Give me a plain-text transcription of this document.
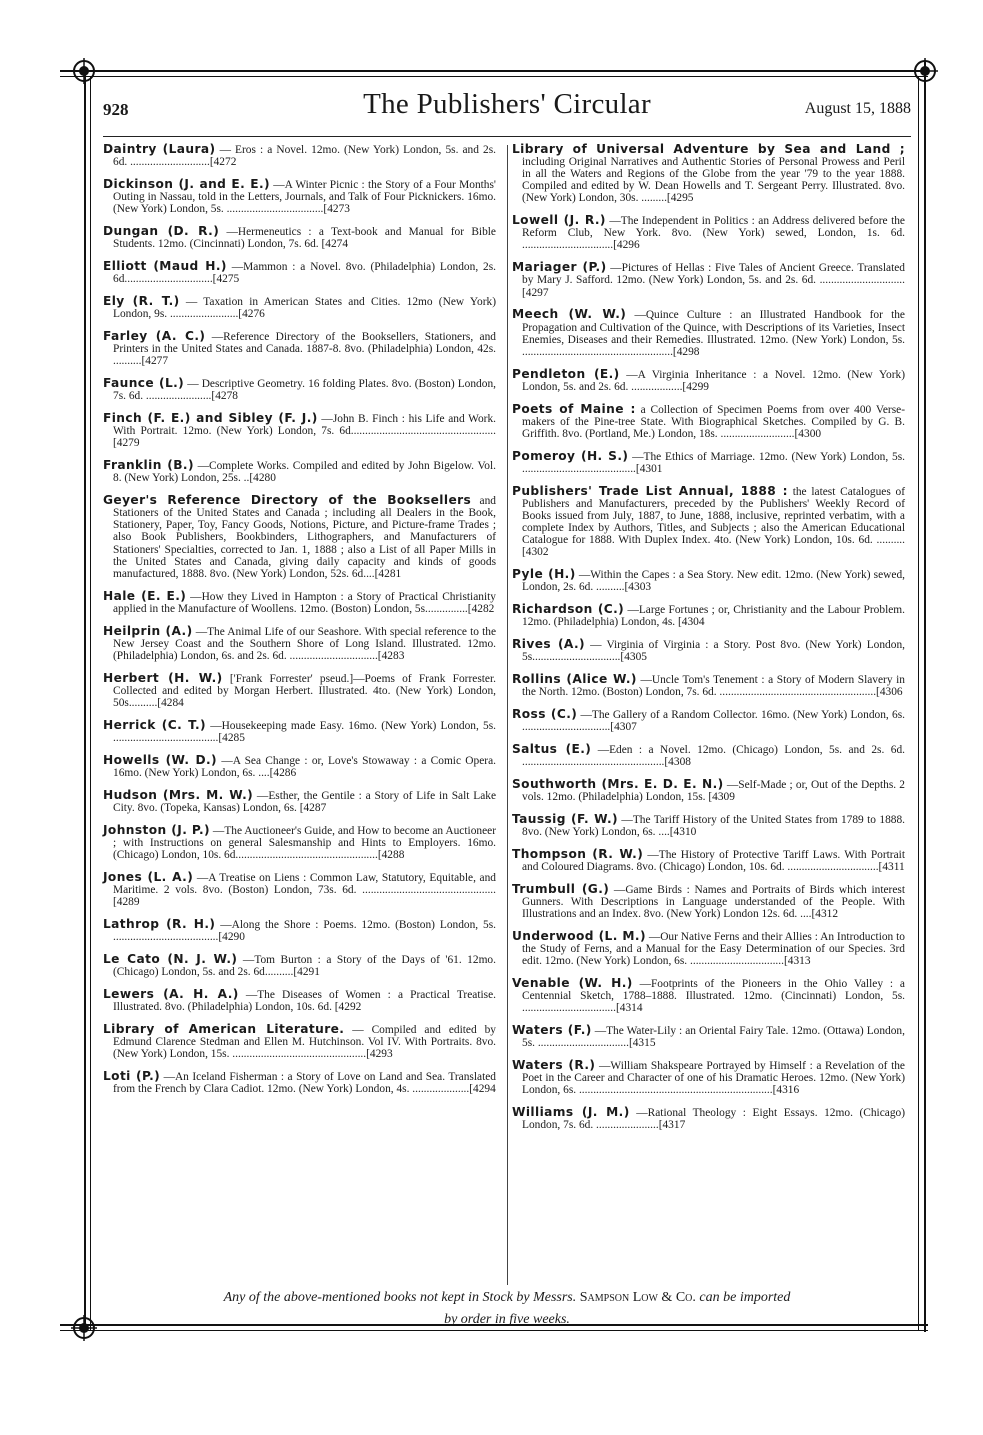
928	The Publishers' Circular	August 15, 1888

Daintry (Laura) — Eros : a Novel. 12mo. (New York) London, 5s. and 2s. 6d. ............................[4272

Dickinson (J. and E. E.) —A Winter Picnic : the Story of a Four Months' Outing in Nassau, told in the Letters, Journals, and Talk of Four Picknickers. 16mo. (New York) London, 5s. ..................................[4273

Dungan (D. R.) —Hermeneutics : a Text-book and Manual for Bible Students. 12mo. (Cincinnati) London, 7s. 6d. [4274

Elliott (Maud H.) —Mammon : a Novel. 8vo. (Philadelphia) London, 2s. 6d...............................[4275

Ely (R. T.) — Taxation in American States and Cities. 12mo (New York) London, 9s. ........................[4276

Farley (A. C.) —Reference Directory of the Booksellers, Stationers, and Printers in the United States and Canada. 1887-8. 8vo. (Philadelphia) London, 42s. ..........[4277

Faunce (L.) — Descriptive Geometry. 16 folding Plates. 8vo. (Boston) London, 7s. 6d. .......................[4278

Finch (F. E.) and Sibley (F. J.) —John B. Finch : his Life and Work. With Portrait. 12mo. (New York) London, 7s. 6d...................................................[4279

Franklin (B.) —Complete Works. Compiled and edited by John Bigelow. Vol. 8. (New York) London, 25s. ..[4280

Geyer's Reference Directory of the Booksellers and Stationers of the United States and Canada ; including all Dealers in the Book, Stationery, Paper, Toy, Fancy Goods, Notions, Picture, and Picture-frame Trades ; also Book Publishers, Bookbinders, Lithographers, and Manufacturers of Stationers' Specialties, corrected to Jan. 1, 1888 ; also a List of all Paper Mills in the United States and Canada, giving daily capacity and kinds of goods manufactured, 1888. 8vo. (New York) London, 52s. 6d....[4281

Hale (E. E.) —How they Lived in Hampton : a Story of Practical Christianity applied in the Manufacture of Woollens. 12mo. (Boston) London, 5s...............[4282

Heilprin (A.) —The Animal Life of our Seashore. With special reference to the New Jersey Coast and the Southern Shore of Long Island. Illustrated. 12mo. (Philadelphia) London, 6s. and 2s. 6d. ...............................[4283

Herbert (H. W.) ['Frank Forrester' pseud.]—Poems of Frank Forrester. Collected and edited by Morgan Herbert. Illustrated. 4to. (New York) London, 50s..........[4284

Herrick (C. T.) —Housekeeping made Easy. 16mo. (New York) London, 5s. .....................................[4285

Howells (W. D.) —A Sea Change : or, Love's Stowaway : a Comic Opera. 16mo. (New York) London, 6s. ....[4286

Hudson (Mrs. M. W.) —Esther, the Gentile : a Story of Life in Salt Lake City. 8vo. (Topeka, Kansas) London, 6s. [4287

Johnston (J. P.) —The Auctioneer's Guide, and How to become an Auctioneer ; with Instructions on general Salesmanship and Hints to Employers. 16mo. (Chicago) London, 10s. 6d..................................................[4288

Jones (L. A.) —A Treatise on Liens : Common Law, Statutory, Equitable, and Maritime. 2 vols. 8vo. (Boston) London, 73s. 6d. ...............................................[4289

Lathrop (R. H.) —Along the Shore : Poems. 12mo. (Boston) London, 5s. .....................................[4290

Le Cato (N. J. W.) —Tom Burton : a Story of the Days of '61. 12mo. (Chicago) London, 5s. and 2s. 6d..........[4291

Lewers (A. H. A.) —The Diseases of Women : a Practical Treatise. Illustrated. 8vo. (Philadelphia) London, 10s. 6d. [4292

Library of American Literature. — Compiled and edited by Edmund Clarence Stedman and Ellen M. Hutchinson. Vol IV. With Portraits. 8vo. (New York) London, 15s. ...............................................[4293

Loti (P.) —An Iceland Fisherman : a Story of Love on Land and Sea. Translated from the French by Clara Cadiot. 12mo. (New York) London, 4s. ....................[4294

Library of Universal Adventure by Sea and Land ; including Original Narratives and Authentic Stories of Personal Prowess and Peril in all the Waters and Regions of the Globe from the year '79 to the year 1888. Compiled and edited by W. Dean Howells and T. Sergeant Perry. Illustrated. 8vo. (New York) London, 30s. .........[4295

Lowell (J. R.) —The Independent in Politics : an Address delivered before the Reform Club, New York. 8vo. (New York) sewed, London, 1s. 6d. ................................[4296

Mariager (P.) —Pictures of Hellas : Five Tales of Ancient Greece. Translated by Mary J. Safford. 12mo. (New York) London, 5s. and 2s. 6d. ..............................[4297

Meech (W. W.) —Quince Culture : an Illustrated Handbook for the Propagation and Cultivation of the Quince, with Descriptions of its Varieties, Insect Enemies, Diseases and their Remedies. Illustrated. 12mo. (New York) London, 5s. .....................................................[4298

Pendleton (E.) —A Virginia Inheritance : a Novel. 12mo. (New York) London, 5s. and 2s. 6d. ..................[4299

Poets of Maine : a Collection of Specimen Poems from over 400 Verse-makers of the Pine-tree State. With Biographical Sketches. Compiled by G. B. Griffith. 8vo. (Portland, Me.) London, 18s. ..........................[4300

Pomeroy (H. S.) —The Ethics of Marriage. 12mo. (New York) London, 5s. ........................................[4301

Publishers' Trade List Annual, 1888 : the latest Catalogues of Publishers and Manufacturers, preceded by the Publishers' Weekly Record of Books issued from July, 1887, to June, 1888, inclusive, reprinted verbatim, with a complete Index by Authors, Titles, and Subjects ; also the American Educational Catalogue for 1888. With Duplex Index. 4to. (New York) London, 10s. 6d. ..........[4302

Pyle (H.) —Within the Capes : a Sea Story. New edit. 12mo. (New York) sewed, London, 2s. 6d. ..........[4303

Richardson (C.) —Large Fortunes ; or, Christianity and the Labour Problem. 12mo. (Philadelphia) London, 4s. [4304

Rives (A.) — Virginia of Virginia : a Story. Post 8vo. (New York) London, 5s...............................[4305

Rollins (Alice W.) —Uncle Tom's Tenement : a Story of Modern Slavery in the North. 12mo. (Boston) London, 7s. 6d. .......................................................[4306

Ross (C.) —The Gallery of a Random Collector. 16mo. (New York) London, 6s. ...............................[4307

Saltus (E.) —Eden : a Novel. 12mo. (Chicago) London, 5s. and 2s. 6d. ..................................................[4308

Southworth (Mrs. E. D. E. N.) —Self-Made ; or, Out of the Depths. 2 vols. 12mo. (Philadelphia) London, 15s. [4309

Taussig (F. W.) —The Tariff History of the United States from 1789 to 1888. 8vo. (New York) London, 6s. ....[4310

Thompson (R. W.) —The History of Protective Tariff Laws. With Portrait and Coloured Diagrams. 8vo. (Chicago) London, 10s. 6d. ................................[4311

Trumbull (G.) —Game Birds : Names and Portraits of Birds which interest Gunners. With Descriptions in Language understanded of the People. With Illustrations and an Index. 8vo. (New York) London 12s. 6d. ....[4312

Underwood (L. M.) —Our Native Ferns and their Allies : An Introduction to the Study of Ferns, and a Manual for the Easy Determination of our Species. 3rd edit. 12mo. (New York) London, 6s. .................................[4313

Venable (W. H.) —Footprints of the Pioneers in the Ohio Valley : a Centennial Sketch, 1788–1888. Illustrated. 12mo. (Cincinnati) London, 5s. .................................[4314

Waters (F.) —The Water-Lily : an Oriental Fairy Tale. 12mo. (Ottawa) London, 5s. ................................[4315

Waters (R.) —William Shakspeare Portrayed by Himself : a Revelation of the Poet in the Career and Character of one of his Dramatic Heroes. 12mo. (New York) London, 6s. ....................................................................[4316

Williams (J. M.) —Rational Theology : Eight Essays. 12mo. (Chicago) London, 7s. 6d. ......................[4317

Any of the above-mentioned books not kept in Stock by Messrs. Sampson Low & Co. can be imported
by order in five weeks.
